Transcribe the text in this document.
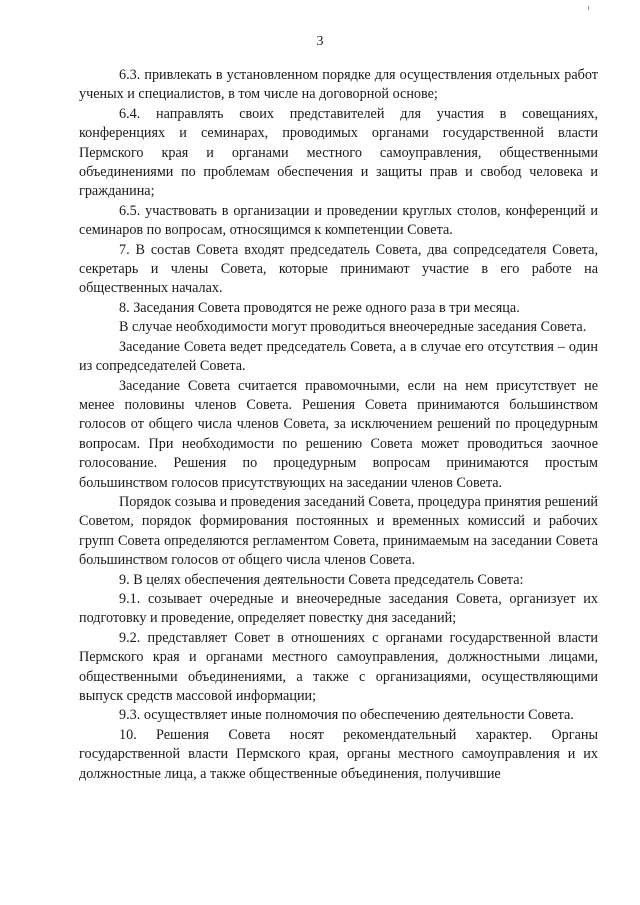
3

6.3. привлекать в установленном порядке для осуществления отдельных работ ученых и специалистов, в том числе на договорной основе;

6.4. направлять своих представителей для участия в совещаниях, конференциях и семинарах, проводимых органами государственной власти Пермского края и органами местного самоуправления, общественными объединениями по проблемам обеспечения и защиты прав и свобод человека и гражданина;

6.5. участвовать в организации и проведении круглых столов, конференций и семинаров по вопросам, относящимся к компетенции Совета.

7. В состав Совета входят председатель Совета, два сопредседателя Совета, секретарь и члены Совета, которые принимают участие в его работе на общественных началах.

8. Заседания Совета проводятся не реже одного раза в три месяца.

В случае необходимости могут проводиться внеочередные заседания Совета.

Заседание Совета ведет председатель Совета, а в случае его отсутствия – один из сопредседателей Совета.

Заседание Совета считается правомочными, если на нем присутствует не менее половины членов Совета. Решения Совета принимаются большинством голосов от общего числа членов Совета, за исключением решений по процедурным вопросам. При необходимости по решению Совета может проводиться заочное голосование. Решения по процедурным вопросам принимаются простым большинством голосов присутствующих на заседании членов Совета.

Порядок созыва и проведения заседаний Совета, процедура принятия решений Советом, порядок формирования постоянных и временных комиссий и рабочих групп Совета определяются регламентом Совета, принимаемым на заседании Совета большинством голосов от общего числа членов Совета.

9. В целях обеспечения деятельности Совета председатель Совета:

9.1. созывает очередные и внеочередные заседания Совета, организует их подготовку и проведение, определяет повестку дня заседаний;

9.2. представляет Совет в отношениях с органами государственной власти Пермского края и органами местного самоуправления, должностными лицами, общественными объединениями, а также с организациями, осуществляющими выпуск средств массовой информации;

9.3. осуществляет иные полномочия по обеспечению деятельности Совета.

10. Решения Совета носят рекомендательный характер. Органы государственной власти Пермского края, органы местного самоуправления и их должностные лица, а также общественные объединения, получившие
